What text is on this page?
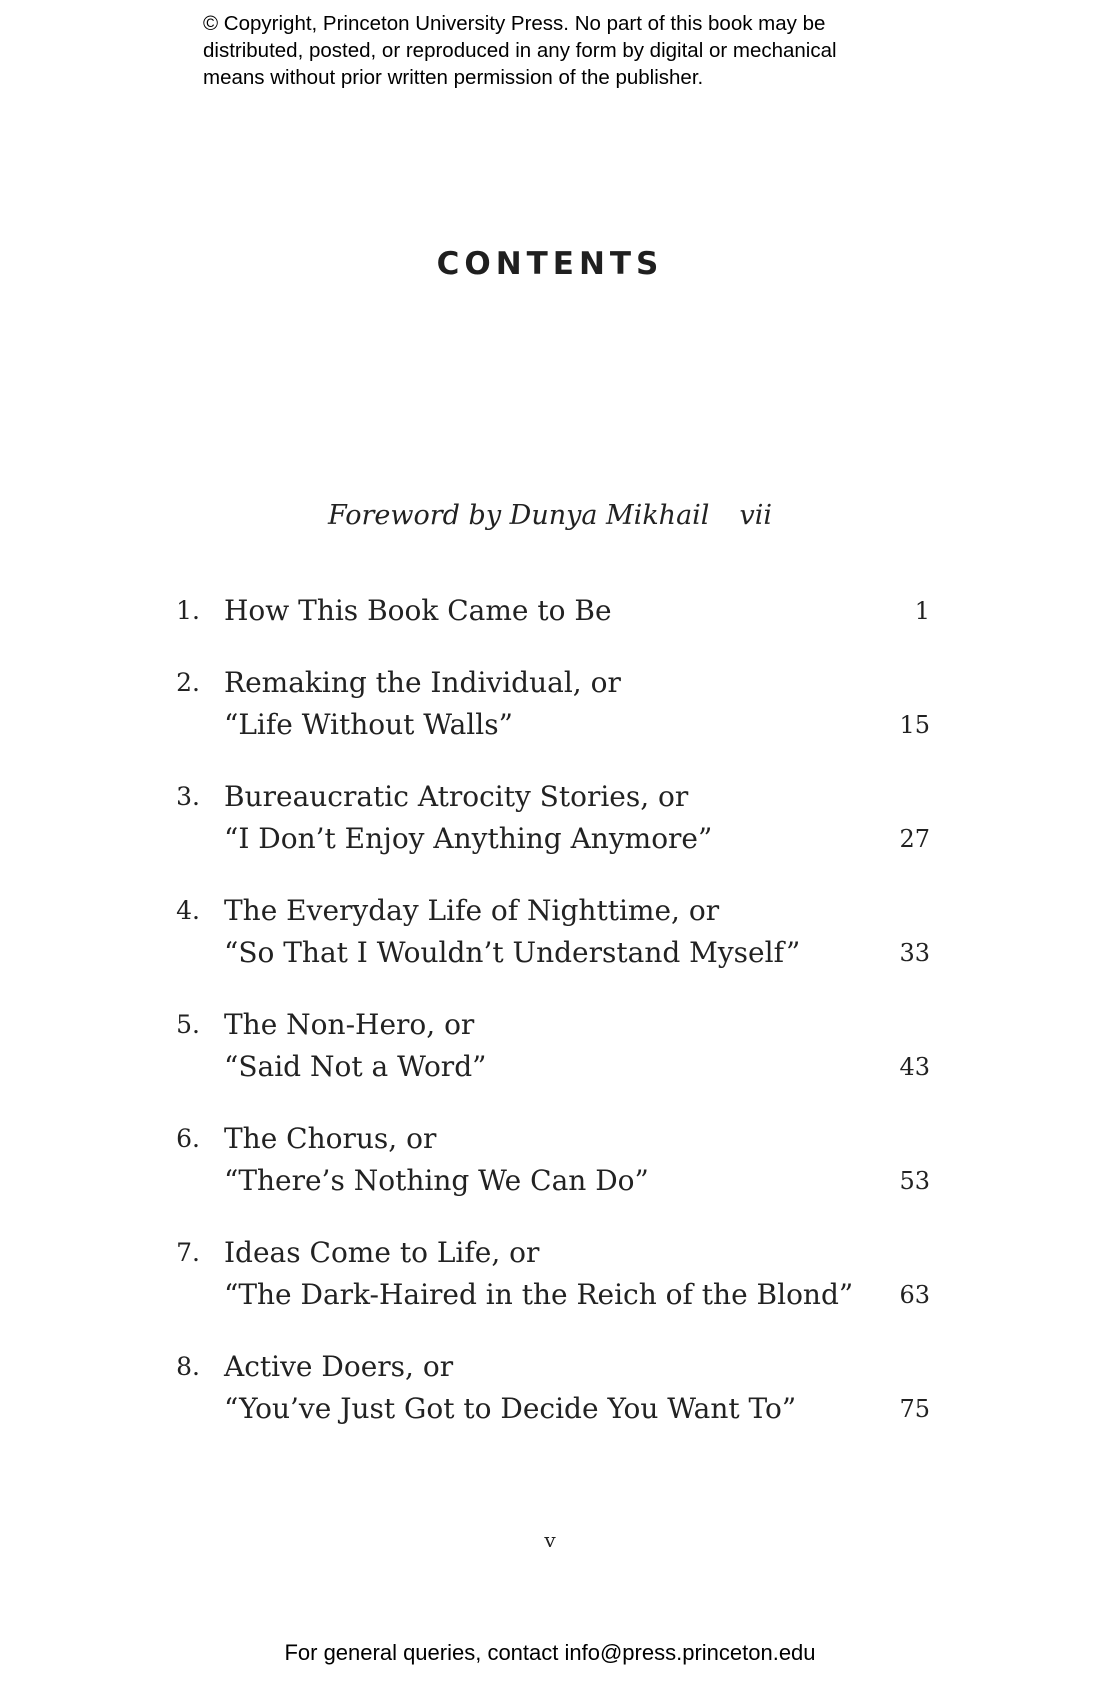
© Copyright, Princeton University Press. No part of this book may be
distributed, posted, or reproduced in any form by digital or mechanical
means without prior written permission of the publisher.
CONTENTS
Foreword by Dunya Mikhail vii
1. How This Book Came to Be	1
2. Remaking the Individual, or
“Life Without Walls”	15
3. Bureaucratic Atrocity Stories, or
“I Don’t Enjoy Anything Anymore”	27
4. The Everyday Life of Nighttime, or
“So That I Wouldn’t Understand Myself”	33
5. The Non-Hero, or
“Said Not a Word”	43
6. The Chorus, or
“There’s Nothing We Can Do”	53
7. Ideas Come to Life, or
“The Dark-Haired in the Reich of the Blond”	63
8. Active Doers, or
“You’ve Just Got to Decide You Want To”	75
v
For general queries, contact info@press.princeton.edu
